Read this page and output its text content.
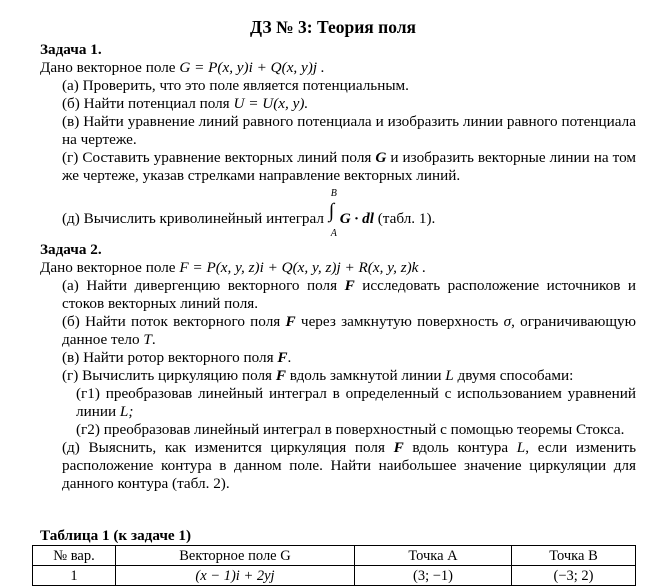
ДЗ № 3: Теория поля
Задача 1.
Дано векторное поле G = P(x, y)i + Q(x, y)j .
(а) Проверить, что это поле является потенциальным.
(б) Найти потенциал поля U = U(x, y).
(в) Найти уравнение линий равного потенциала и изобразить линии равного потенциала на чертеже.
(г) Составить уравнение векторных линий поля G и изобразить векторные линии на том же чертеже, указав стрелками направление векторных линий.
(д) Вычислить криволинейный интеграл
B
∫
A
G · dl (табл. 1).
Задача 2.
Дано векторное поле F = P(x, y, z)i + Q(x, y, z)j + R(x, y, z)k .
(а) Найти дивергенцию векторного поля F исследовать расположение источников и стоков векторных линий поля.
(б) Найти поток векторного поля F через замкнутую поверхность σ, ограничивающую данное тело T.
(в) Найти ротор векторного поля F.
(г) Вычислить циркуляцию поля F вдоль замкнутой линии L двумя способами:
(г1) преобразовав линейный интеграл в определенный с использованием уравнений линии L;
(г2) преобразовав линейный интеграл в поверхностный с помощью теоремы Стокса.
(д) Выяснить, как изменится циркуляция поля F вдоль контура L, если изменить расположение контура в данном поле. Найти наибольшее значение циркуляции для данного контура (табл. 2).
Таблица 1 (к задаче 1)
№ вар.	Векторное поле G	Точка A	Точка B
1	(x − 1)i + 2yj	(3; −1)	(−3; 2)
